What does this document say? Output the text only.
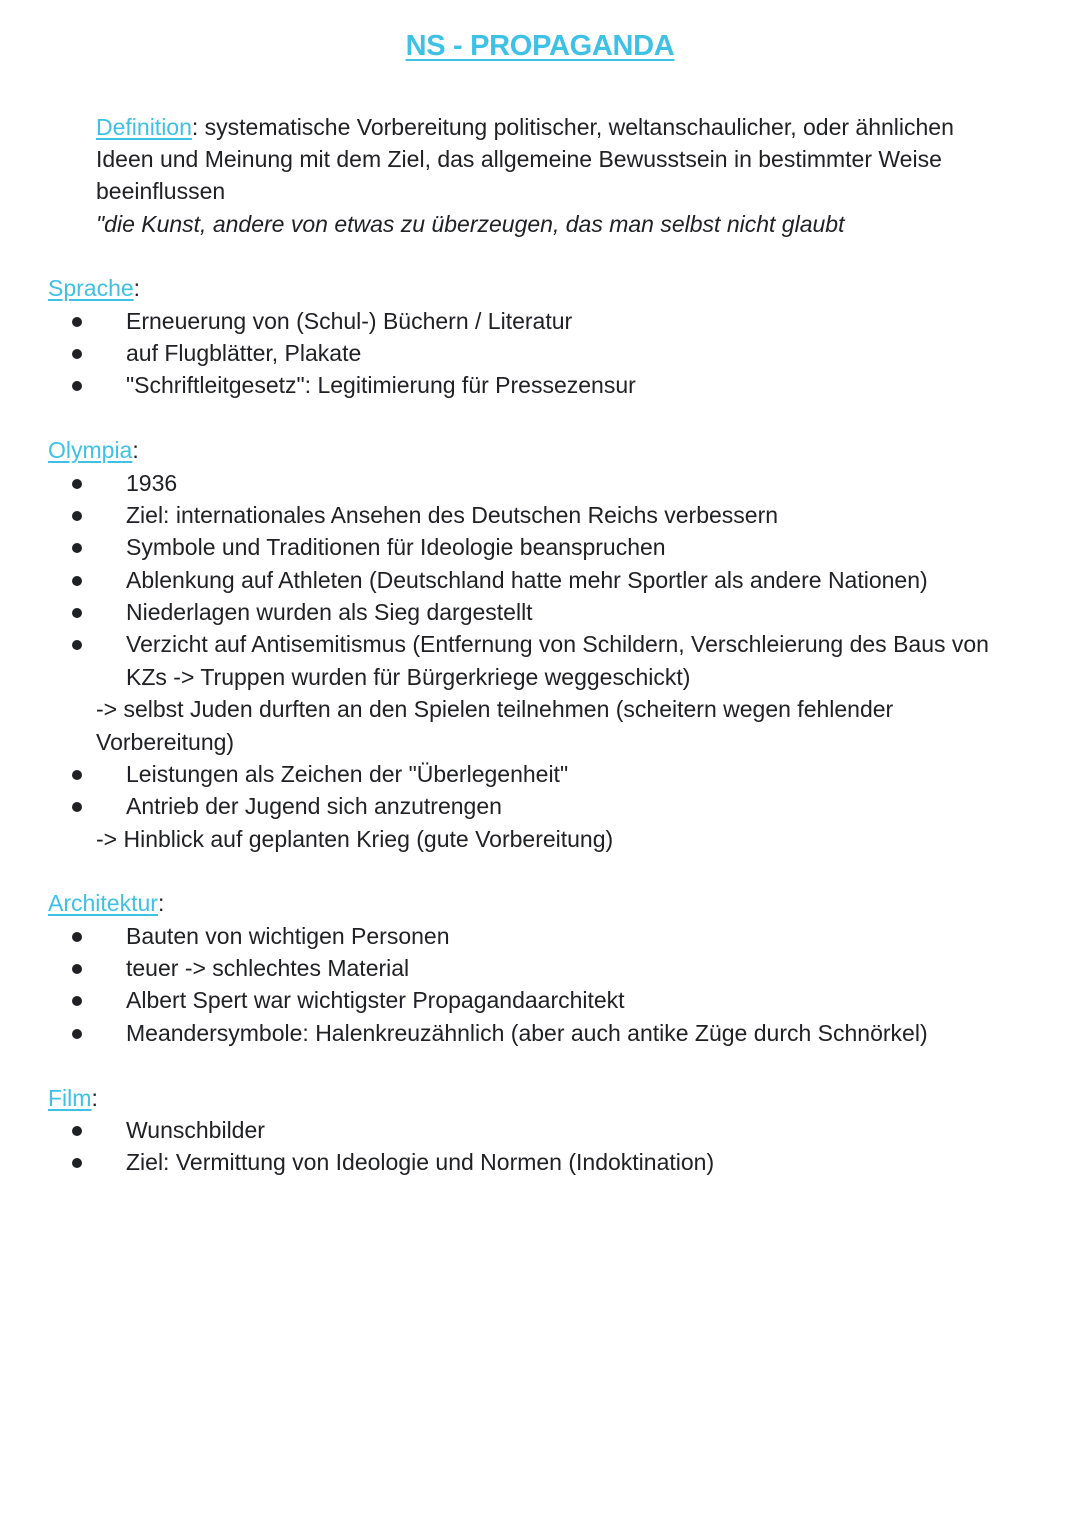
NS - PROPAGANDA
Definition: systematische Vorbereitung politischer, weltanschaulicher, oder ähnlichen
Ideen und Meinung mit dem Ziel, das allgemeine Bewusstsein in bestimmter Weise
beeinflussen
"die Kunst, andere von etwas zu überzeugen, das man selbst nicht glaubt
Sprache:
Erneuerung von (Schul-) Büchern / Literatur
auf Flugblätter, Plakate
"Schriftleitgesetz": Legitimierung für Pressezensur
Olympia:
1936
Ziel: internationales Ansehen des Deutschen Reichs verbessern
Symbole und Traditionen für Ideologie beanspruchen
Ablenkung auf Athleten (Deutschland hatte mehr Sportler als andere Nationen)
Niederlagen wurden als Sieg dargestellt
Verzicht auf Antisemitismus (Entfernung von Schildern, Verschleierung des Baus von
KZs -> Truppen wurden für Bürgerkriege weggeschickt)
-> selbst Juden durften an den Spielen teilnehmen (scheitern wegen fehlender
Vorbereitung)
Leistungen als Zeichen der "Überlegenheit"
Antrieb der Jugend sich anzutrengen
-> Hinblick auf geplanten Krieg (gute Vorbereitung)
Architektur:
Bauten von wichtigen Personen
teuer -> schlechtes Material
Albert Spert war wichtigster Propagandaarchitekt
Meandersymbole: Halenkreuzähnlich (aber auch antike Züge durch Schnörkel)
Film:
Wunschbilder
Ziel: Vermittung von Ideologie und Normen (Indoktination)
